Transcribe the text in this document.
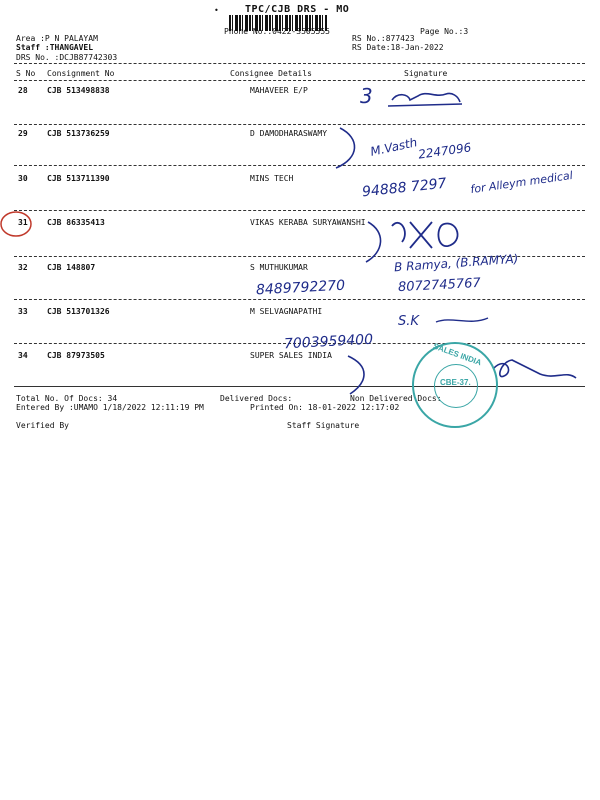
•	TPC/CJB DRS - MO
Phone No.:0422-3505555
Area :P N PALAYAM
Staff :THANGAVEL
DRS No. :DCJB87742303
RS No.:877423
RS Date:18-Jan-2022
Page No.:3
S No Consignment No	Consignee Details	Signature
28 CJB 513498838	MAHAVEER E/P
29 CJB 513736259	D DAMODHARASWAMY
30 CJB 513711390	MINS TECH
31 CJB 86335413	VIKAS KERABA SURYAWANSHI
32 CJB 148807	S MUTHUKUMAR
33 CJB 513701326	M SELVAGNAPATHI
34 CJB 87973505	SUPER SALES INDIA
Total No. Of Docs: 34	Delivered Docs:	Non Delivered Docs:
Entered By :UMAMO 1/18/2022 12:11:19 PM	Printed On: 18-01-2022 12:17:02
Verified By	Staff Signature
3
M.Vasth
2247096
94888 7297 for Alleym medical
B Ramya, (B.RAMYA)
8489792270	8072745767
S.K
7003959400	SALES INDIA
CBE-37.
